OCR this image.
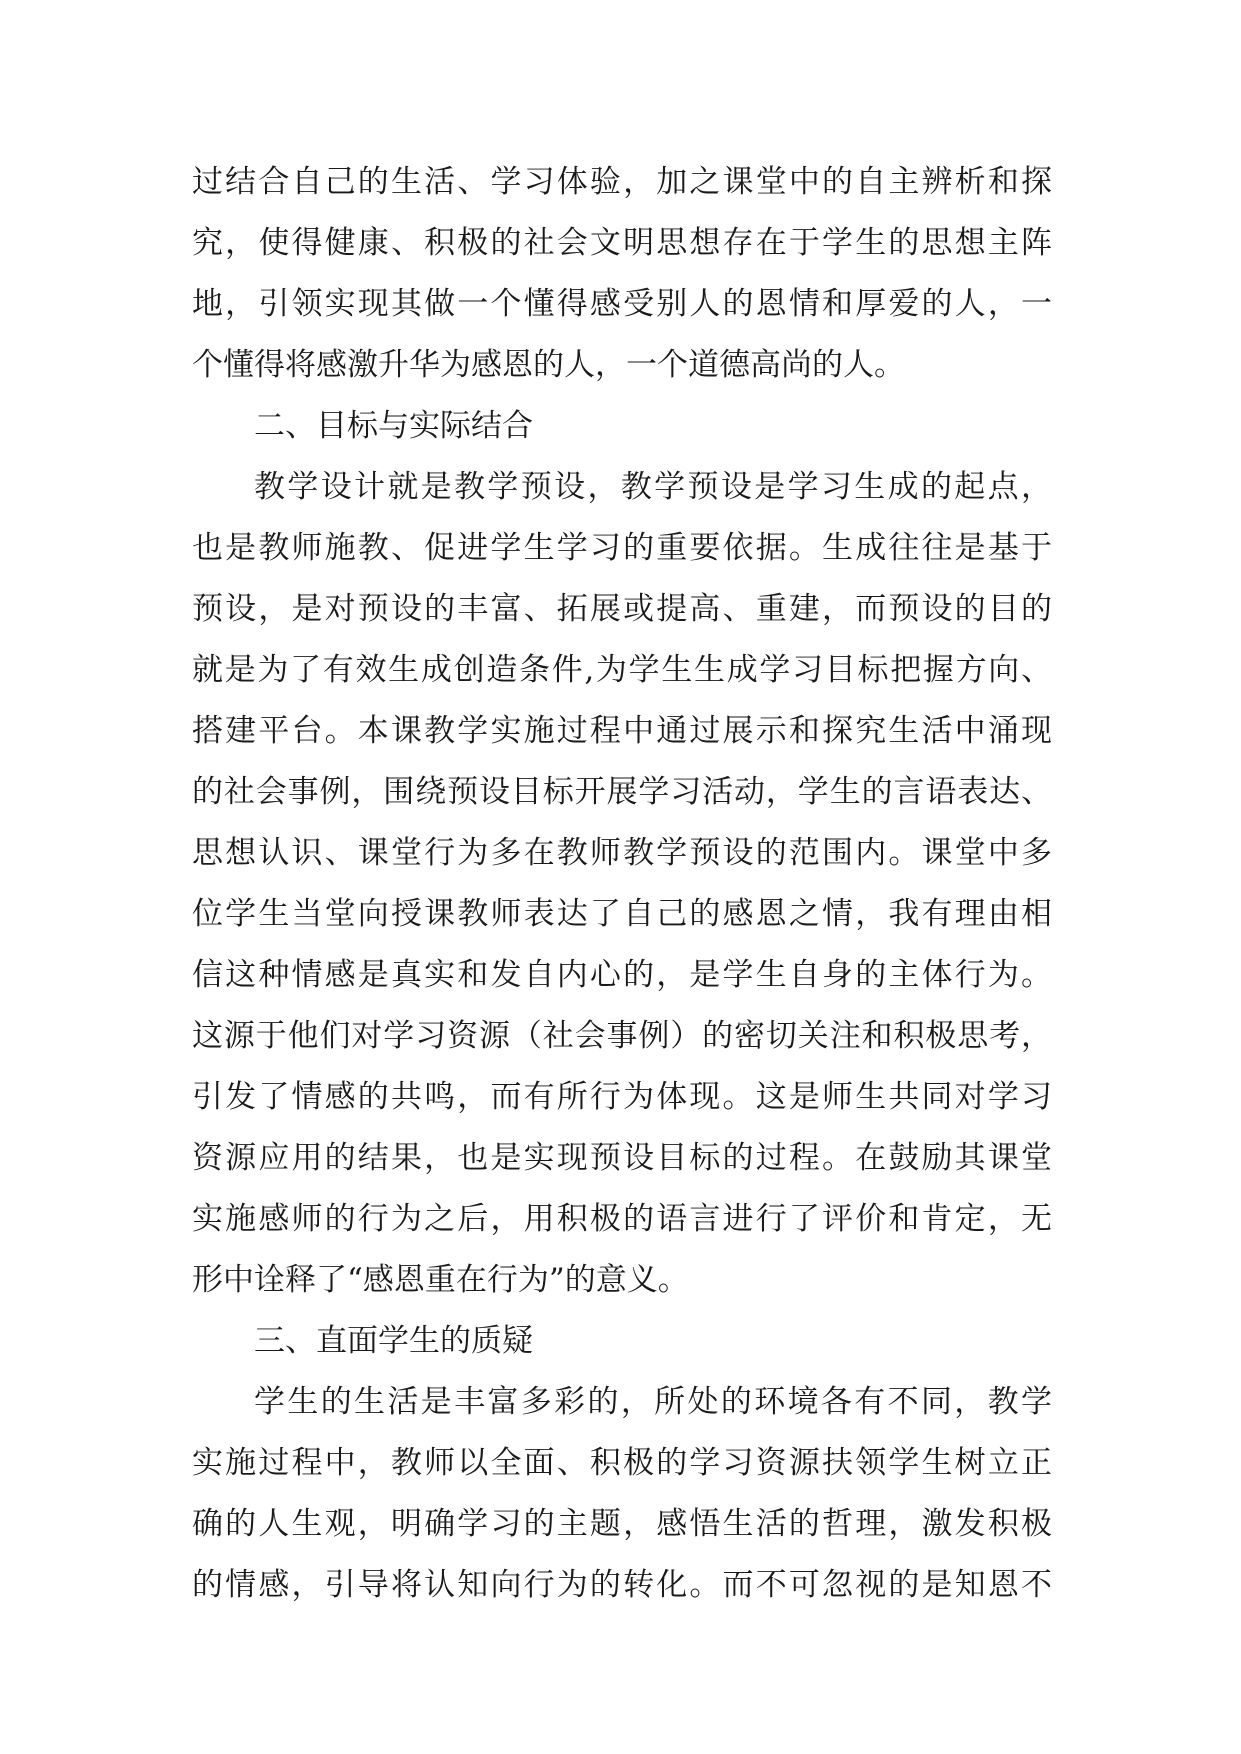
过结合自己的生活、学习体验，加之课堂中的自主辨析和探
究，使得健康、积极的社会文明思想存在于学生的思想主阵
地，引领实现其做一个懂得感受别人的恩情和厚爱的人，一
个懂得将感激升华为感恩的人，一个道德高尚的人。
二、目标与实际结合
教学设计就是教学预设，教学预设是学习生成的起点，
也是教师施教、促进学生学习的重要依据。生成往往是基于
预设，是对预设的丰富、拓展或提高、重建，而预设的目的
就是为了有效生成创造条件,为学生生成学习目标把握方向、
搭建平台。本课教学实施过程中通过展示和探究生活中涌现
的社会事例，围绕预设目标开展学习活动，学生的言语表达、
思想认识、课堂行为多在教师教学预设的范围内。课堂中多
位学生当堂向授课教师表达了自己的感恩之情，我有理由相
信这种情感是真实和发自内心的，是学生自身的主体行为。
这源于他们对学习资源（社会事例）的密切关注和积极思考，
引发了情感的共鸣，而有所行为体现。这是师生共同对学习
资源应用的结果，也是实现预设目标的过程。在鼓励其课堂
实施感师的行为之后，用积极的语言进行了评价和肯定，无
形中诠释了“感恩重在行为”的意义。
三、直面学生的质疑
学生的生活是丰富多彩的，所处的环境各有不同，教学
实施过程中，教师以全面、积极的学习资源扶领学生树立正
确的人生观，明确学习的主题，感悟生活的哲理，激发积极
的情感，引导将认知向行为的转化。而不可忽视的是知恩不
